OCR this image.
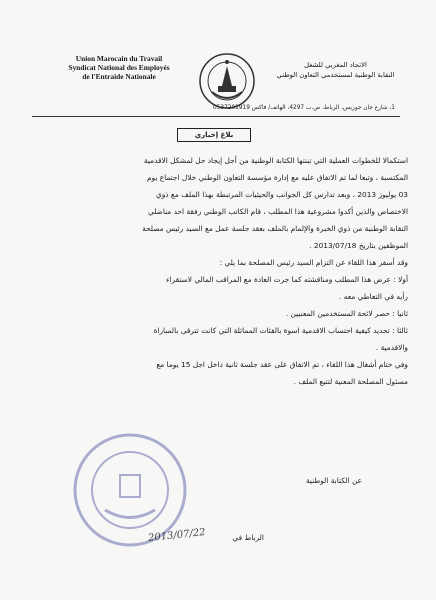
Union Marocain du Travail
Syndicat National des Employés
de l'Entraide Nationale
الاتحاد المغربي للشغل
النقابة الوطنية لمستخدمي التعاون الوطني
1، شارع جان جوريس، الرباط، ص.ب 4297، الهاتف/ فاكس 0537201919
بلاغ إخباري

استكمالا للخطوات العملية التي تبنتها الكتابة الوطنية من أجل إيجاد حل لمشكل الاقدمية

المكتسبة ، وتبعا لما تم الاتفاق عليه مع إدارة مؤسسة التعاون الوطني خلال اجتماع يوم

03 يوليوز 2013 ، وبعد تدارس كل الجوانب والحيثيات المرتبطة بهذا الملف مع ذوي

الاختصاص والذين أكدوا مشروعية هذا المطلب ، قام الكاتب الوطني رفقة احد مناضلي

النقابة الوطنية من ذوي الخبرة والإلمام بالملف بعقد جلسة عمل مع السيد رئيس مصلحة

الموظفين بتاريخ 2013/07/18 .

وقد أسفر هذا اللقاء عن التزام السيد رئيس المصلحة بما يلي :

أولا : عرض هذا المطلب ومناقشته كما جرت العادة مع المراقب المالي لاستقراء

رأيه في التعاطي معه .

ثانيا : حصر لائحة المستخدمين المعنيين .

ثالثا : تحديد كيفية احتساب الاقدمية اسوة بالفئات المماثلة التي كانت تترقى بالمباراة

والاقدمية .

وفي ختام أشغال هذا اللقاء ، تم الاتفاق على عقد جلسة ثانية داخل اجل 15 يوما مع

مسئول المصلحة المعنية لتتبع الملف .

عن الكتابة الوطنية
الرباط في
2013/07/22
